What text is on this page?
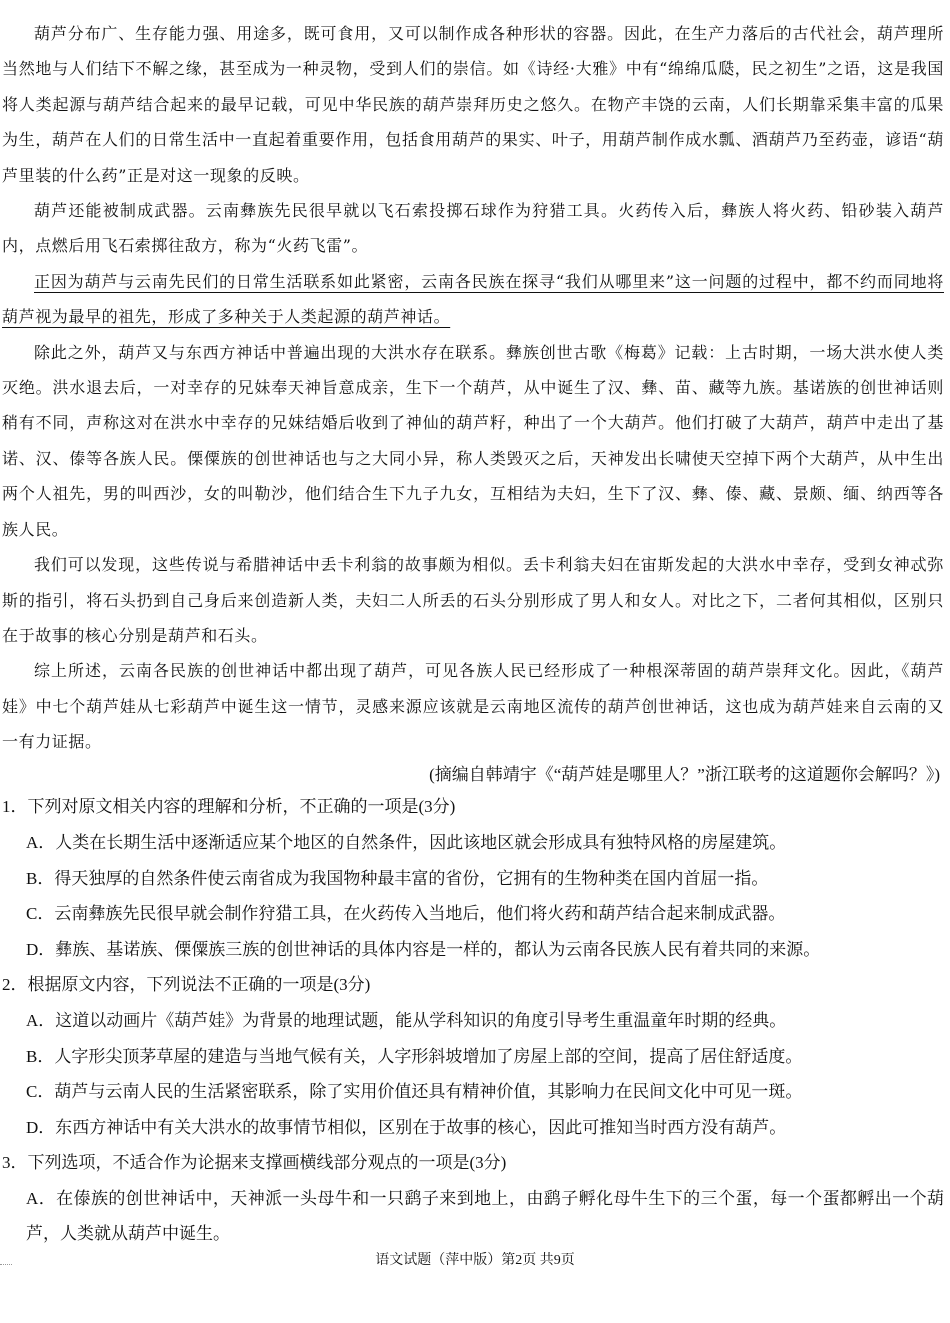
葫芦分布广、生存能力强、用途多，既可食用，又可以制作成各种形状的容器。因此，在生产力落后的古代社会，葫芦理所当然地与人们结下不解之缘，甚至成为一种灵物，受到人们的崇信。如《诗经·大雅》中有“绵绵瓜瓞，民之初生”之语，这是我国将人类起源与葫芦结合起来的最早记载，可见中华民族的葫芦崇拜历史之悠久。在物产丰饶的云南，人们长期靠采集丰富的瓜果为生，葫芦在人们的日常生活中一直起着重要作用，包括食用葫芦的果实、叶子，用葫芦制作成水瓢、酒葫芦乃至药壶，谚语“葫芦里装的什么药”正是对这一现象的反映。

葫芦还能被制成武器。云南彝族先民很早就以飞石索投掷石球作为狩猎工具。火药传入后，彝族人将火药、铅砂装入葫芦内，点燃后用飞石索掷往敌方，称为“火药飞雷”。

正因为葫芦与云南先民们的日常生活联系如此紧密，云南各民族在探寻“我们从哪里来”这一问题的过程中，都不约而同地将葫芦视为最早的祖先，形成了多种关于人类起源的葫芦神话。

除此之外，葫芦又与东西方神话中普遍出现的大洪水存在联系。彝族创世古歌《梅葛》记载：上古时期，一场大洪水使人类灭绝。洪水退去后，一对幸存的兄妹奉天神旨意成亲，生下一个葫芦，从中诞生了汉、彝、苗、藏等九族。基诺族的创世神话则稍有不同，声称这对在洪水中幸存的兄妹结婚后收到了神仙的葫芦籽，种出了一个大葫芦。他们打破了大葫芦，葫芦中走出了基诺、汉、傣等各族人民。傈僳族的创世神话也与之大同小异，称人类毁灭之后，天神发出长啸使天空掉下两个大葫芦，从中生出两个人祖先，男的叫西沙，女的叫勒沙，他们结合生下九子九女，互相结为夫妇，生下了汉、彝、傣、藏、景颇、缅、纳西等各族人民。

我们可以发现，这些传说与希腊神话中丢卡利翁的故事颇为相似。丢卡利翁夫妇在宙斯发起的大洪水中幸存，受到女神忒弥斯的指引，将石头扔到自己身后来创造新人类，夫妇二人所丢的石头分别形成了男人和女人。对比之下，二者何其相似，区别只在于故事的核心分别是葫芦和石头。

综上所述，云南各民族的创世神话中都出现了葫芦，可见各族人民已经形成了一种根深蒂固的葫芦崇拜文化。因此，《葫芦娃》中七个葫芦娃从七彩葫芦中诞生这一情节，灵感来源应该就是云南地区流传的葫芦创世神话，这也成为葫芦娃来自云南的又一有力证据。

(摘编自韩靖宇《“葫芦娃是哪里人？”浙江联考的这道题你会解吗？》)

1．下列对原文相关内容的理解和分析，不正确的一项是(3分)

A．人类在长期生活中逐渐适应某个地区的自然条件，因此该地区就会形成具有独特风格的房屋建筑。

B．得天独厚的自然条件使云南省成为我国物种最丰富的省份，它拥有的生物种类在国内首屈一指。

C．云南彝族先民很早就会制作狩猎工具，在火药传入当地后，他们将火药和葫芦结合起来制成武器。

D．彝族、基诺族、傈僳族三族的创世神话的具体内容是一样的，都认为云南各民族人民有着共同的来源。

2．根据原文内容，下列说法不正确的一项是(3分)

A．这道以动画片《葫芦娃》为背景的地理试题，能从学科知识的角度引导考生重温童年时期的经典。

B．人字形尖顶茅草屋的建造与当地气候有关，人字形斜坡增加了房屋上部的空间，提高了居住舒适度。

C．葫芦与云南人民的生活紧密联系，除了实用价值还具有精神价值，其影响力在民间文化中可见一斑。

D．东西方神话中有关大洪水的故事情节相似，区别在于故事的核心，因此可推知当时西方没有葫芦。

3．下列选项，不适合作为论据来支撑画横线部分观点的一项是(3分)

A．在傣族的创世神话中，天神派一头母牛和一只鹞子来到地上，由鹞子孵化母牛生下的三个蛋，每一个蛋都孵出一个葫芦，人类就从葫芦中诞生。

语文试题（萍中版）第2页 共9页
